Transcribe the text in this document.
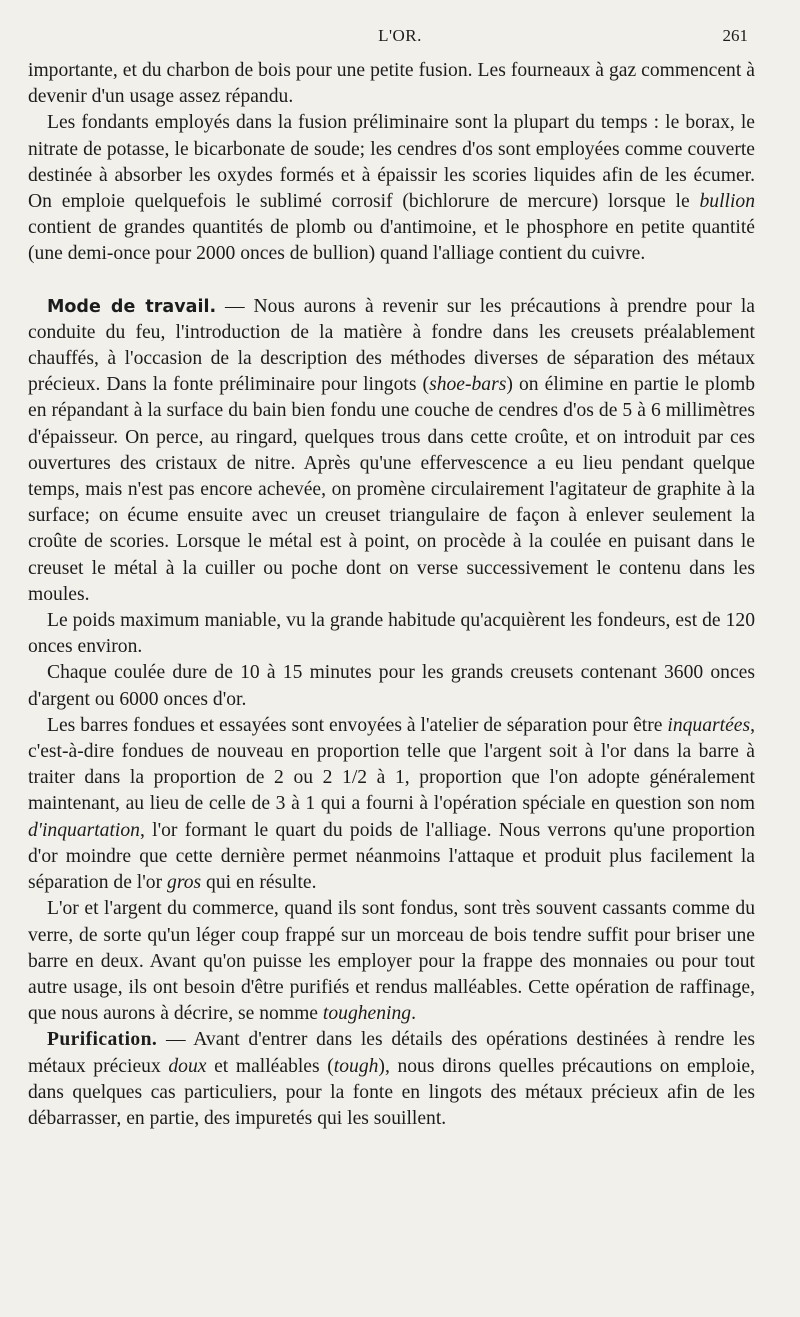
L'OR.	261

importante, et du charbon de bois pour une petite fusion. Les fourneaux à gaz commencent à devenir d'un usage assez répandu.

Les fondants employés dans la fusion préliminaire sont la plupart du temps : le borax, le nitrate de potasse, le bicarbonate de soude; les cendres d'os sont employées comme couverte destinée à absorber les oxydes formés et à épaissir les scories liquides afin de les écumer. On emploie quelquefois le sublimé corrosif (bichlorure de mercure) lorsque le bullion contient de grandes quantités de plomb ou d'antimoine, et le phosphore en petite quantité (une demi-once pour 2000 onces de bullion) quand l'alliage contient du cuivre.

Mode de travail. — Nous aurons à revenir sur les précautions à prendre pour la conduite du feu, l'introduction de la matière à fondre dans les creusets préalablement chauffés, à l'occasion de la description des méthodes diverses de séparation des métaux précieux. Dans la fonte préliminaire pour lingots (shoe-bars) on élimine en partie le plomb en répandant à la surface du bain bien fondu une couche de cendres d'os de 5 à 6 millimètres d'épaisseur. On perce, au ringard, quelques trous dans cette croûte, et on introduit par ces ouvertures des cristaux de nitre. Après qu'une effervescence a eu lieu pendant quelque temps, mais n'est pas encore achevée, on promène circulairement l'agitateur de graphite à la surface; on écume ensuite avec un creuset triangulaire de façon à enlever seulement la croûte de scories. Lorsque le métal est à point, on procède à la coulée en puisant dans le creuset le métal à la cuiller ou poche dont on verse successivement le contenu dans les moules.

Le poids maximum maniable, vu la grande habitude qu'acquièrent les fondeurs, est de 120 onces environ.

Chaque coulée dure de 10 à 15 minutes pour les grands creusets contenant 3600 onces d'argent ou 6000 onces d'or.

Les barres fondues et essayées sont envoyées à l'atelier de séparation pour être inquartées, c'est-à-dire fondues de nouveau en proportion telle que l'argent soit à l'or dans la barre à traiter dans la proportion de 2 ou 2 1/2 à 1, proportion que l'on adopte généralement maintenant, au lieu de celle de 3 à 1 qui a fourni à l'opération spéciale en question son nom d'inquartation, l'or formant le quart du poids de l'alliage. Nous verrons qu'une proportion d'or moindre que cette dernière permet néanmoins l'attaque et produit plus facilement la séparation de l'or gros qui en résulte.

L'or et l'argent du commerce, quand ils sont fondus, sont très souvent cassants comme du verre, de sorte qu'un léger coup frappé sur un morceau de bois tendre suffit pour briser une barre en deux. Avant qu'on puisse les employer pour la frappe des monnaies ou pour tout autre usage, ils ont besoin d'être purifiés et rendus malléables. Cette opération de raffinage, que nous aurons à décrire, se nomme toughening.

Purification. — Avant d'entrer dans les détails des opérations destinées à rendre les métaux précieux doux et malléables (tough), nous dirons quelles précautions on emploie, dans quelques cas particuliers, pour la fonte en lingots des métaux précieux afin de les débarrasser, en partie, des impuretés qui les souillent.
